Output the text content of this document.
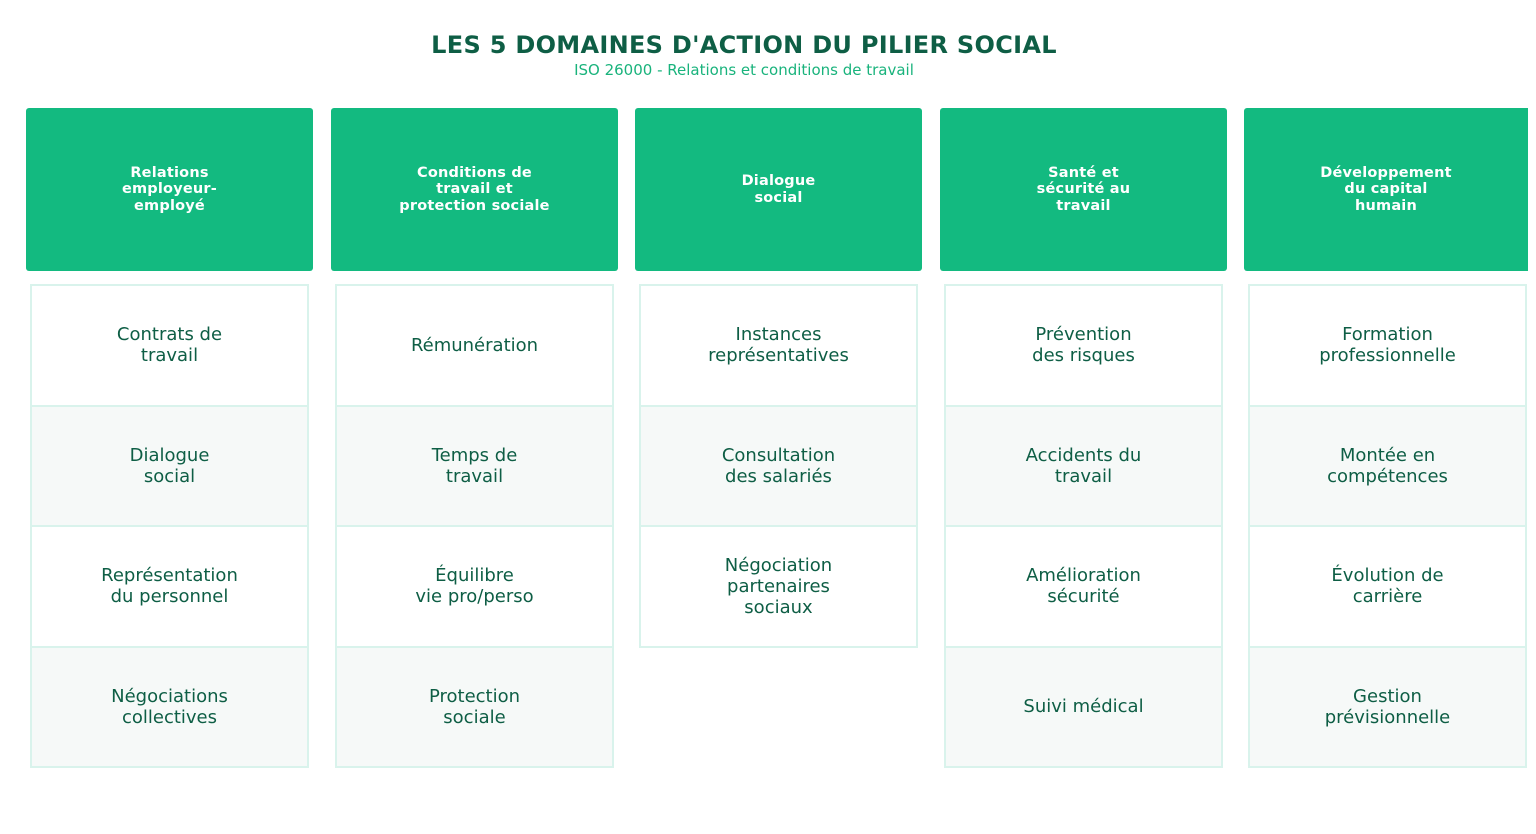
LES 5 DOMAINES D'ACTION DU PILIER SOCIAL
ISO 26000 - Relations et conditions de travail
Relations
employeur-
employé
Contrats de
travail
Dialogue
social
Représentation
du personnel
Négociations
collectives
Conditions de
travail et
protection sociale
Rémunération
Temps de
travail
Équilibre
vie pro/perso
Protection
sociale
Dialogue
social
Instances
représentatives
Consultation
des salariés
Négociation
partenaires
sociaux
Santé et
sécurité au
travail
Prévention
des risques
Accidents du
travail
Amélioration
sécurité
Suivi médical
Développement
du capital
humain
Formation
professionnelle
Montée en
compétences
Évolution de
carrière
Gestion
prévisionnelle
